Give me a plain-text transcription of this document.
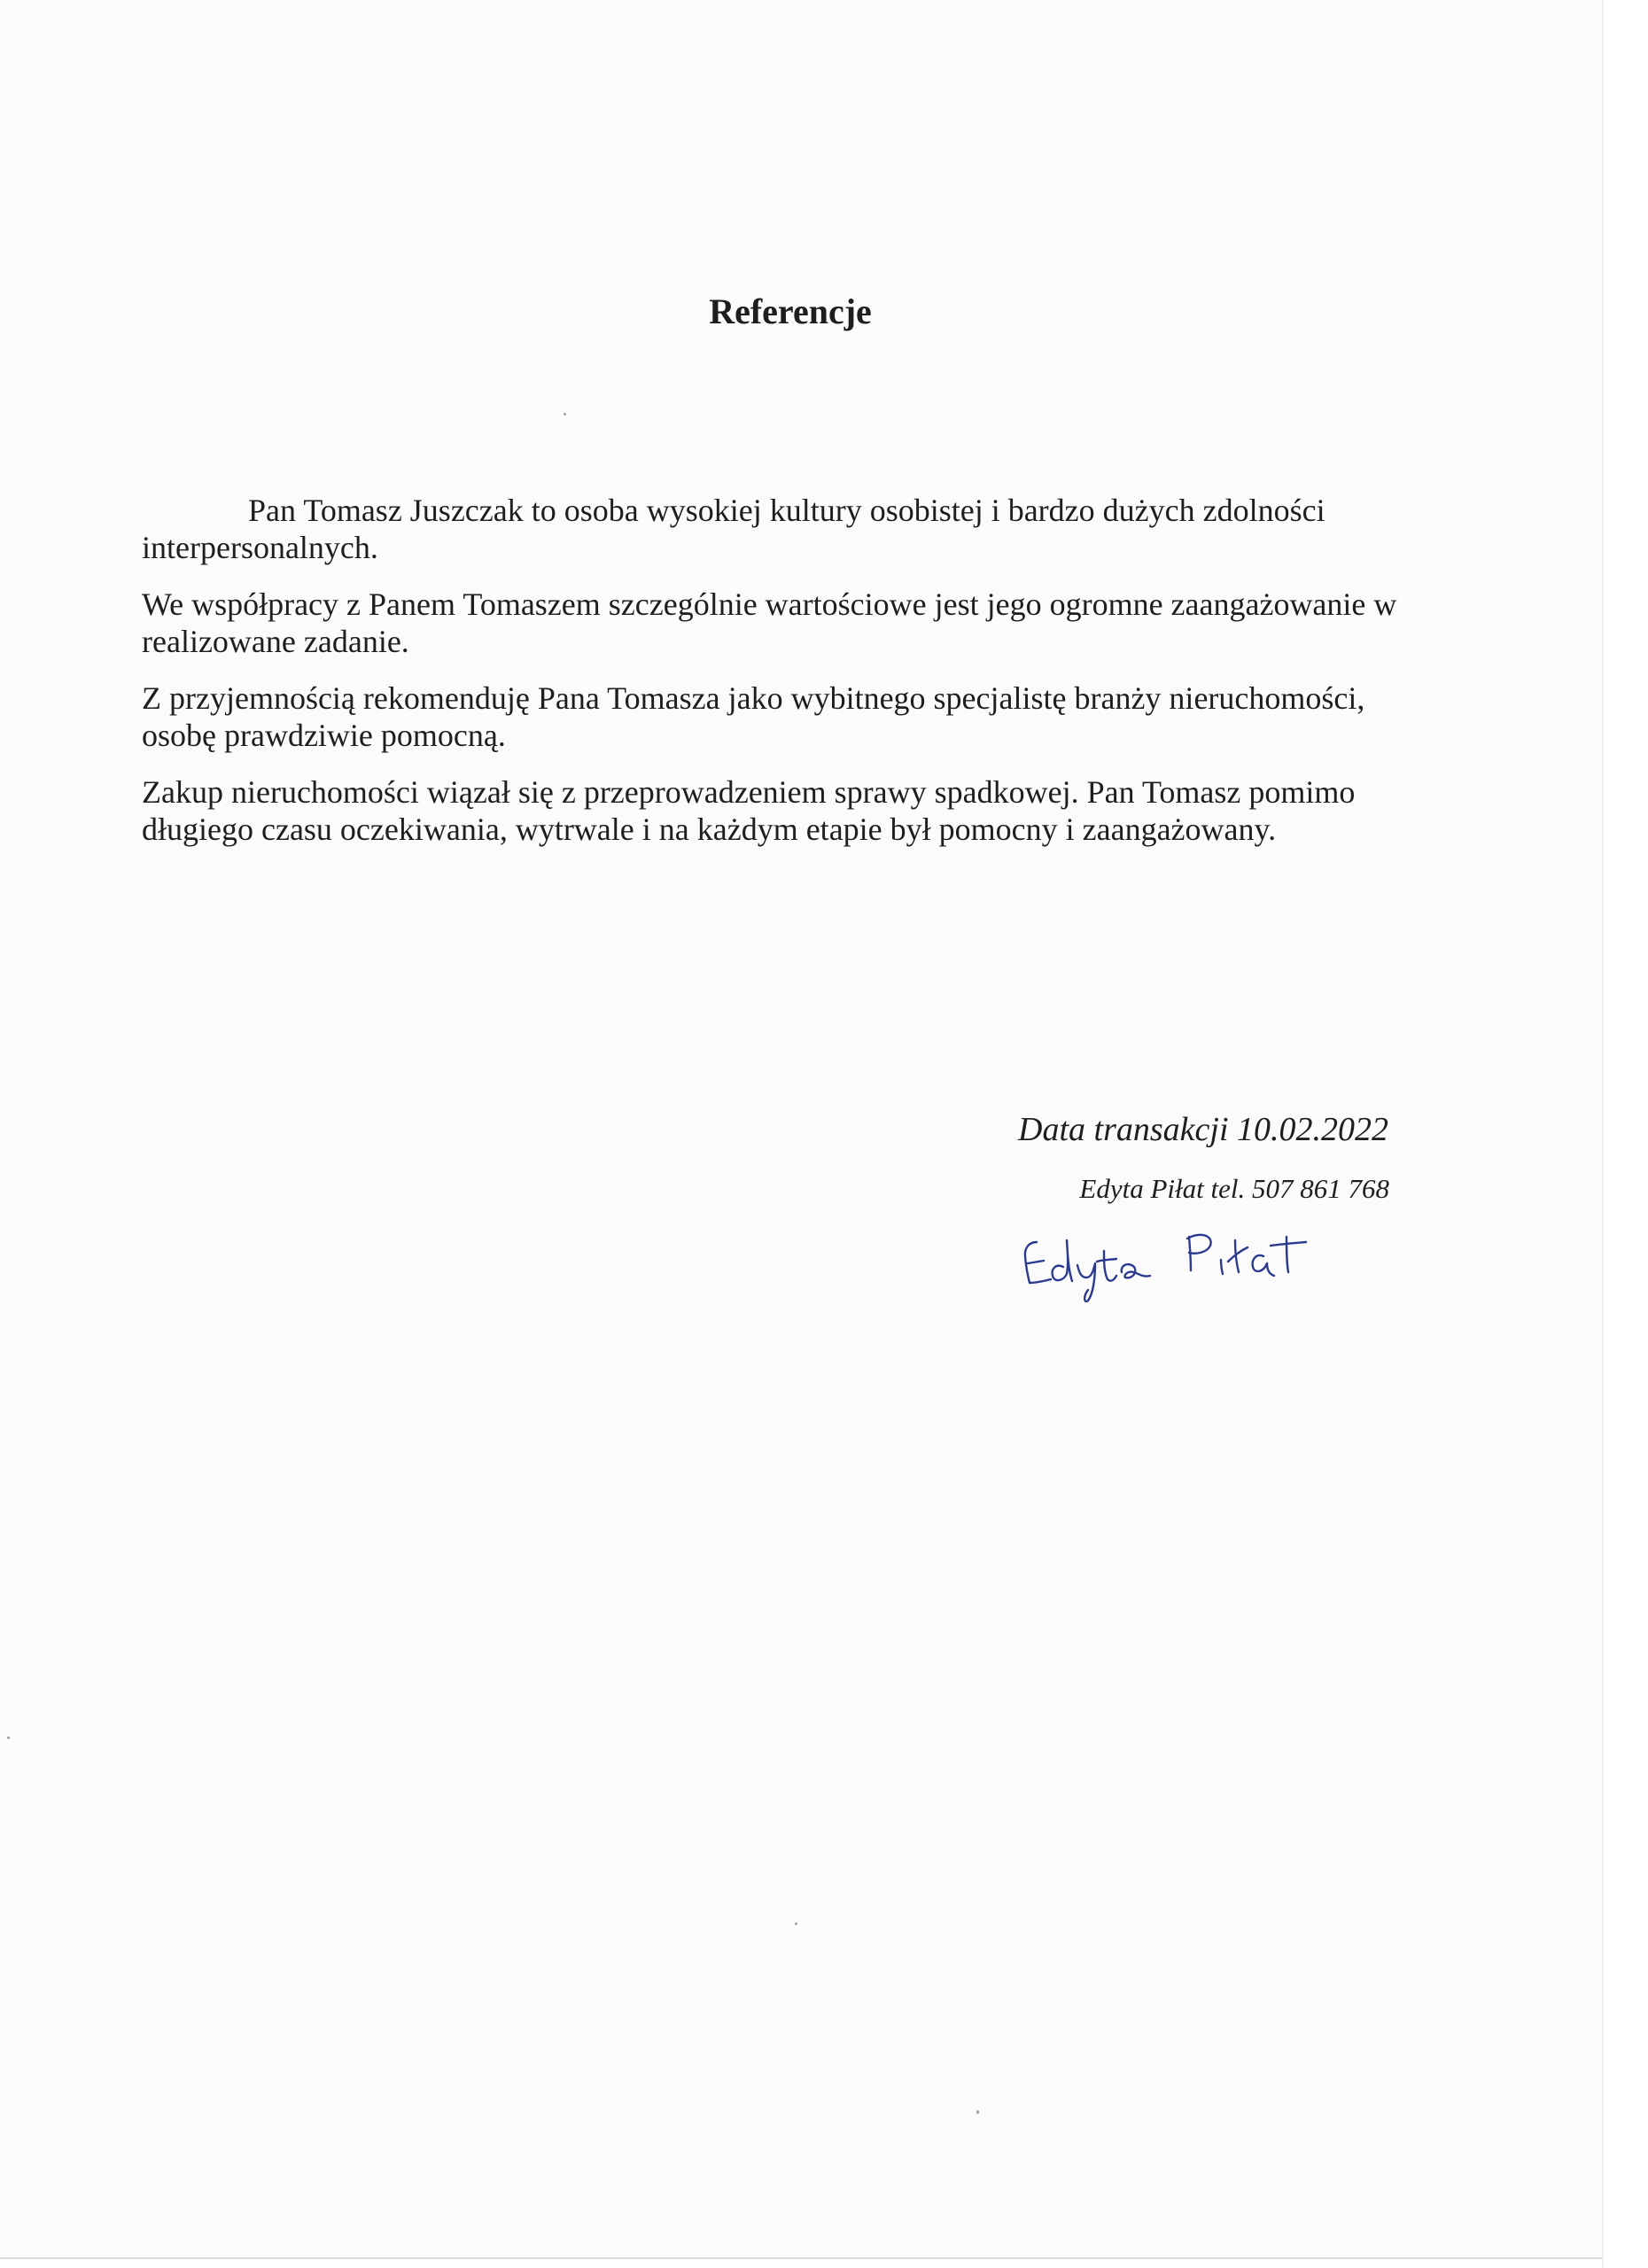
Referencje

Pan Tomasz Juszczak to osoba wysokiej kultury osobistej i bardzo dużych zdolności interpersonalnych.

We współpracy z Panem Tomaszem szczególnie wartościowe jest jego ogromne zaangażowanie w realizowane zadanie.

Z przyjemnością rekomenduję Pana Tomasza jako wybitnego specjalistę branży nieruchomości, osobę prawdziwie pomocną.

Zakup nieruchomości wiązał się z przeprowadzeniem sprawy spadkowej. Pan Tomasz pomimo długiego czasu oczekiwania, wytrwale i na każdym etapie był pomocny i zaangażowany.

Data transakcji 10.02.2022
Edyta Piłat tel. 507 861 768
